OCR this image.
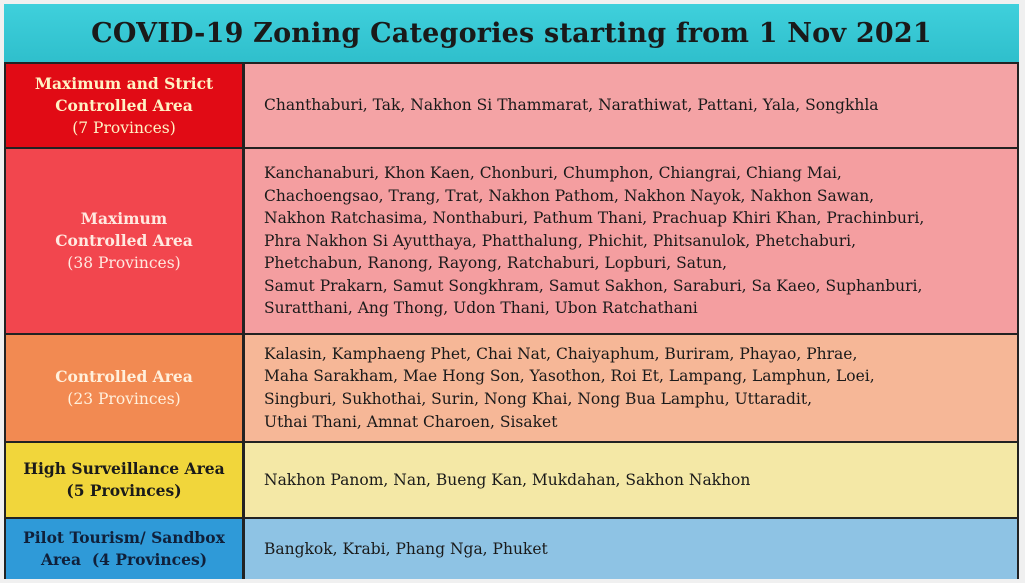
COVID-19 Zoning Categories starting from 1 Nov 2021
Maximum and Strict
Controlled Area
(7 Provinces)
Chanthaburi, Tak, Nakhon Si Thammarat, Narathiwat, Pattani, Yala, Songkhla
Maximum
Controlled Area
(38 Provinces)
Kanchanaburi, Khon Kaen, Chonburi, Chumphon, Chiangrai, Chiang Mai,
Chachoengsao, Trang, Trat, Nakhon Pathom, Nakhon Nayok, Nakhon Sawan,
Nakhon Ratchasima, Nonthaburi, Pathum Thani, Prachuap Khiri Khan, Prachinburi,
Phra Nakhon Si Ayutthaya, Phatthalung, Phichit, Phitsanulok, Phetchaburi,
Phetchabun, Ranong, Rayong, Ratchaburi, Lopburi, Satun,
Samut Prakarn, Samut Songkhram, Samut Sakhon, Saraburi, Sa Kaeo, Suphanburi,
Suratthani, Ang Thong, Udon Thani, Ubon Ratchathani
Controlled Area
(23 Provinces)
Kalasin, Kamphaeng Phet, Chai Nat, Chaiyaphum, Buriram, Phayao, Phrae,
Maha Sarakham, Mae Hong Son, Yasothon, Roi Et, Lampang, Lamphun, Loei,
Singburi, Sukhothai, Surin, Nong Khai, Nong Bua Lamphu, Uttaradit,
Uthai Thani, Amnat Charoen, Sisaket
High Surveillance Area
(5 Provinces)
Nakhon Panom, Nan, Bueng Kan, Mukdahan, Sakhon Nakhon
Pilot Tourism/ Sandbox
Area (4 Provinces)
Bangkok, Krabi, Phang Nga, Phuket
